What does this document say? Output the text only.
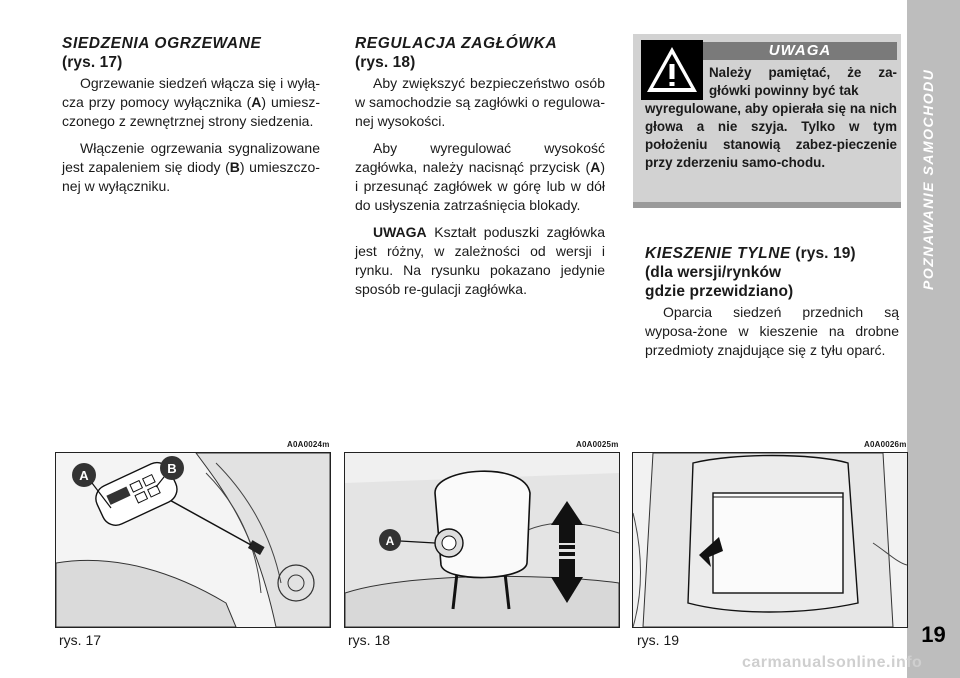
POZNAWANIE SAMOCHODU
19
SIEDZENIA OGRZEWANE
(rys. 17)

Ogrzewanie siedzeń włącza się i wyłą-cza przy pomocy wyłącznika (A) umiesz-czonego z zewnętrznej strony siedzenia.

Włączenie ogrzewania sygnalizowane jest zapaleniem się diody (B) umieszczo-nej w wyłączniku.

REGULACJA ZAGŁÓWKA
(rys. 18)

Aby zwiększyć bezpieczeństwo osób w samochodzie są zagłówki o regulowa-nej wysokości.

Aby wyregulować wysokość zagłówka, należy nacisnąć przycisk (A) i przesunąć zagłówek w górę lub w dół do usłyszenia zatrzaśnięcia blokady.

UWAGA Kształt poduszki zagłówka jest różny, w zależności od wersji i rynku. Na rysunku pokazano jedynie sposób re-gulacji zagłówka.

UWAGA
Należy pamiętać, że za-główki powinny być tak
wyregulowane, aby opierała się na nich głowa a nie szyja. Tylko w tym położeniu stanowią zabez-pieczenie przy zderzeniu samo-chodu.
KIESZENIE TYLNE (rys. 19)
(dla wersji/rynków
gdzie przewidziano)

Oparcia siedzeń przednich są wyposa-żone w kieszenie na drobne przedmioty znajdujące się z tyłu oparć.

A0A0024m	A0A0025m	A0A0026m
A	B
A
rys. 17	rys. 18	rys. 19
carmanualsonline.info
